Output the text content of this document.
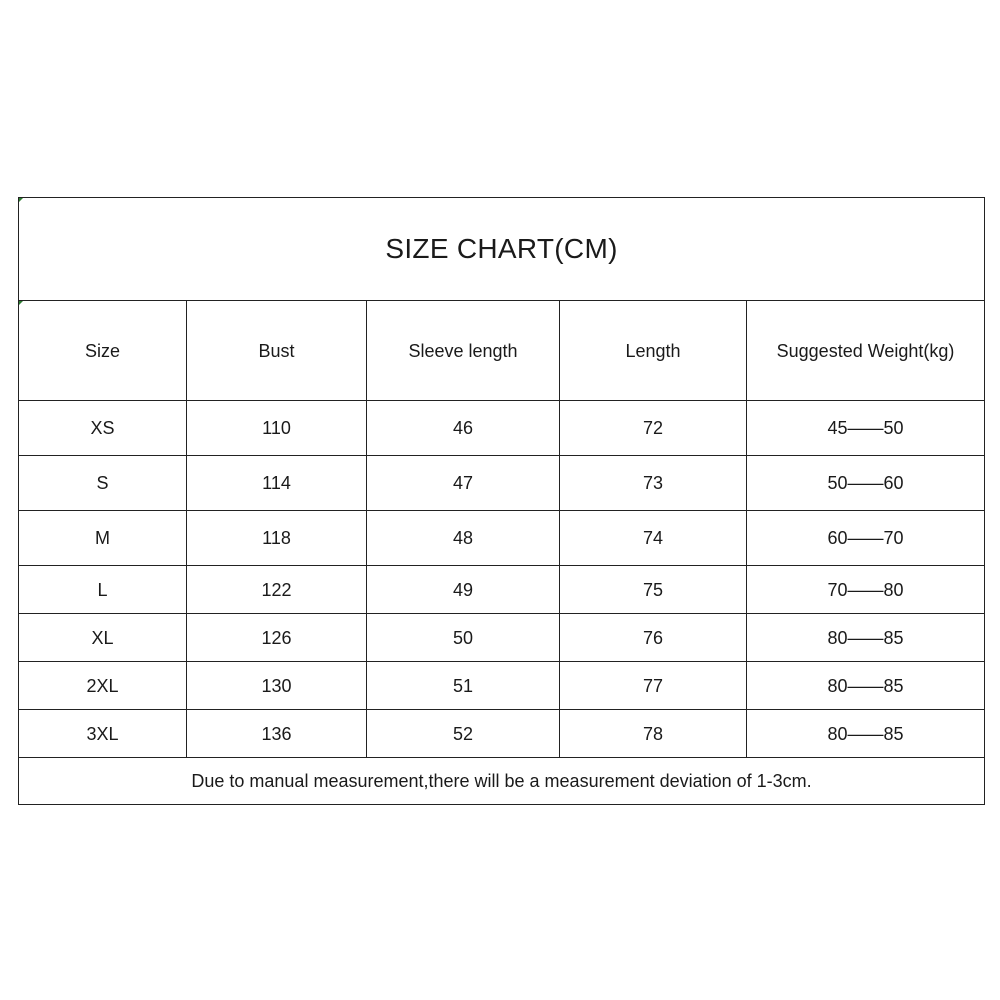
SIZE CHART(CM)				
Size	Bust	Sleeve length	Length	Suggested Weight(kg)
XS	110	46	72	45——50
S	114	47	73	50——60
M	118	48	74	60——70
L	122	49	75	70——80
XL	126	50	76	80——85
2XL	130	51	77	80——85
3XL	136	52	78	80——85
Due to manual measurement,there will be a measurement deviation of 1-3cm.				
